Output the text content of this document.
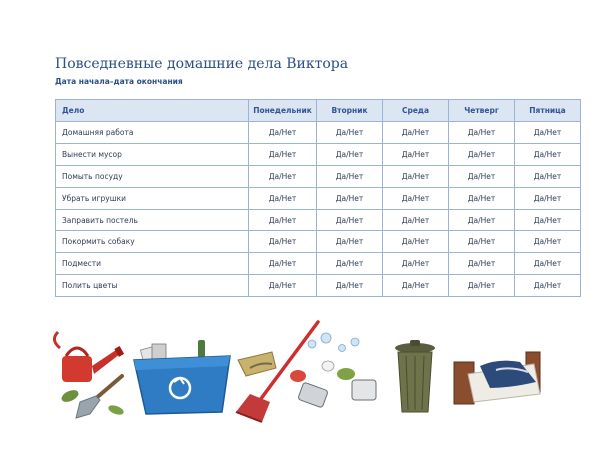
Повседневные домашние дела Виктора
Дата начала–дата окончания
Дело	Понедельник	Вторник	Среда	Четверг	Пятница
Домашняя работа	Да/Нет	Да/Нет	Да/Нет	Да/Нет	Да/Нет
Вынести мусор	Да/Нет	Да/Нет	Да/Нет	Да/Нет	Да/Нет
Помыть посуду	Да/Нет	Да/Нет	Да/Нет	Да/Нет	Да/Нет
Убрать игрушки	Да/Нет	Да/Нет	Да/Нет	Да/Нет	Да/Нет
Заправить постель	Да/Нет	Да/Нет	Да/Нет	Да/Нет	Да/Нет
Покормить собаку	Да/Нет	Да/Нет	Да/Нет	Да/Нет	Да/Нет
Подмести	Да/Нет	Да/Нет	Да/Нет	Да/Нет	Да/Нет
Полить цветы	Да/Нет	Да/Нет	Да/Нет	Да/Нет	Да/Нет
